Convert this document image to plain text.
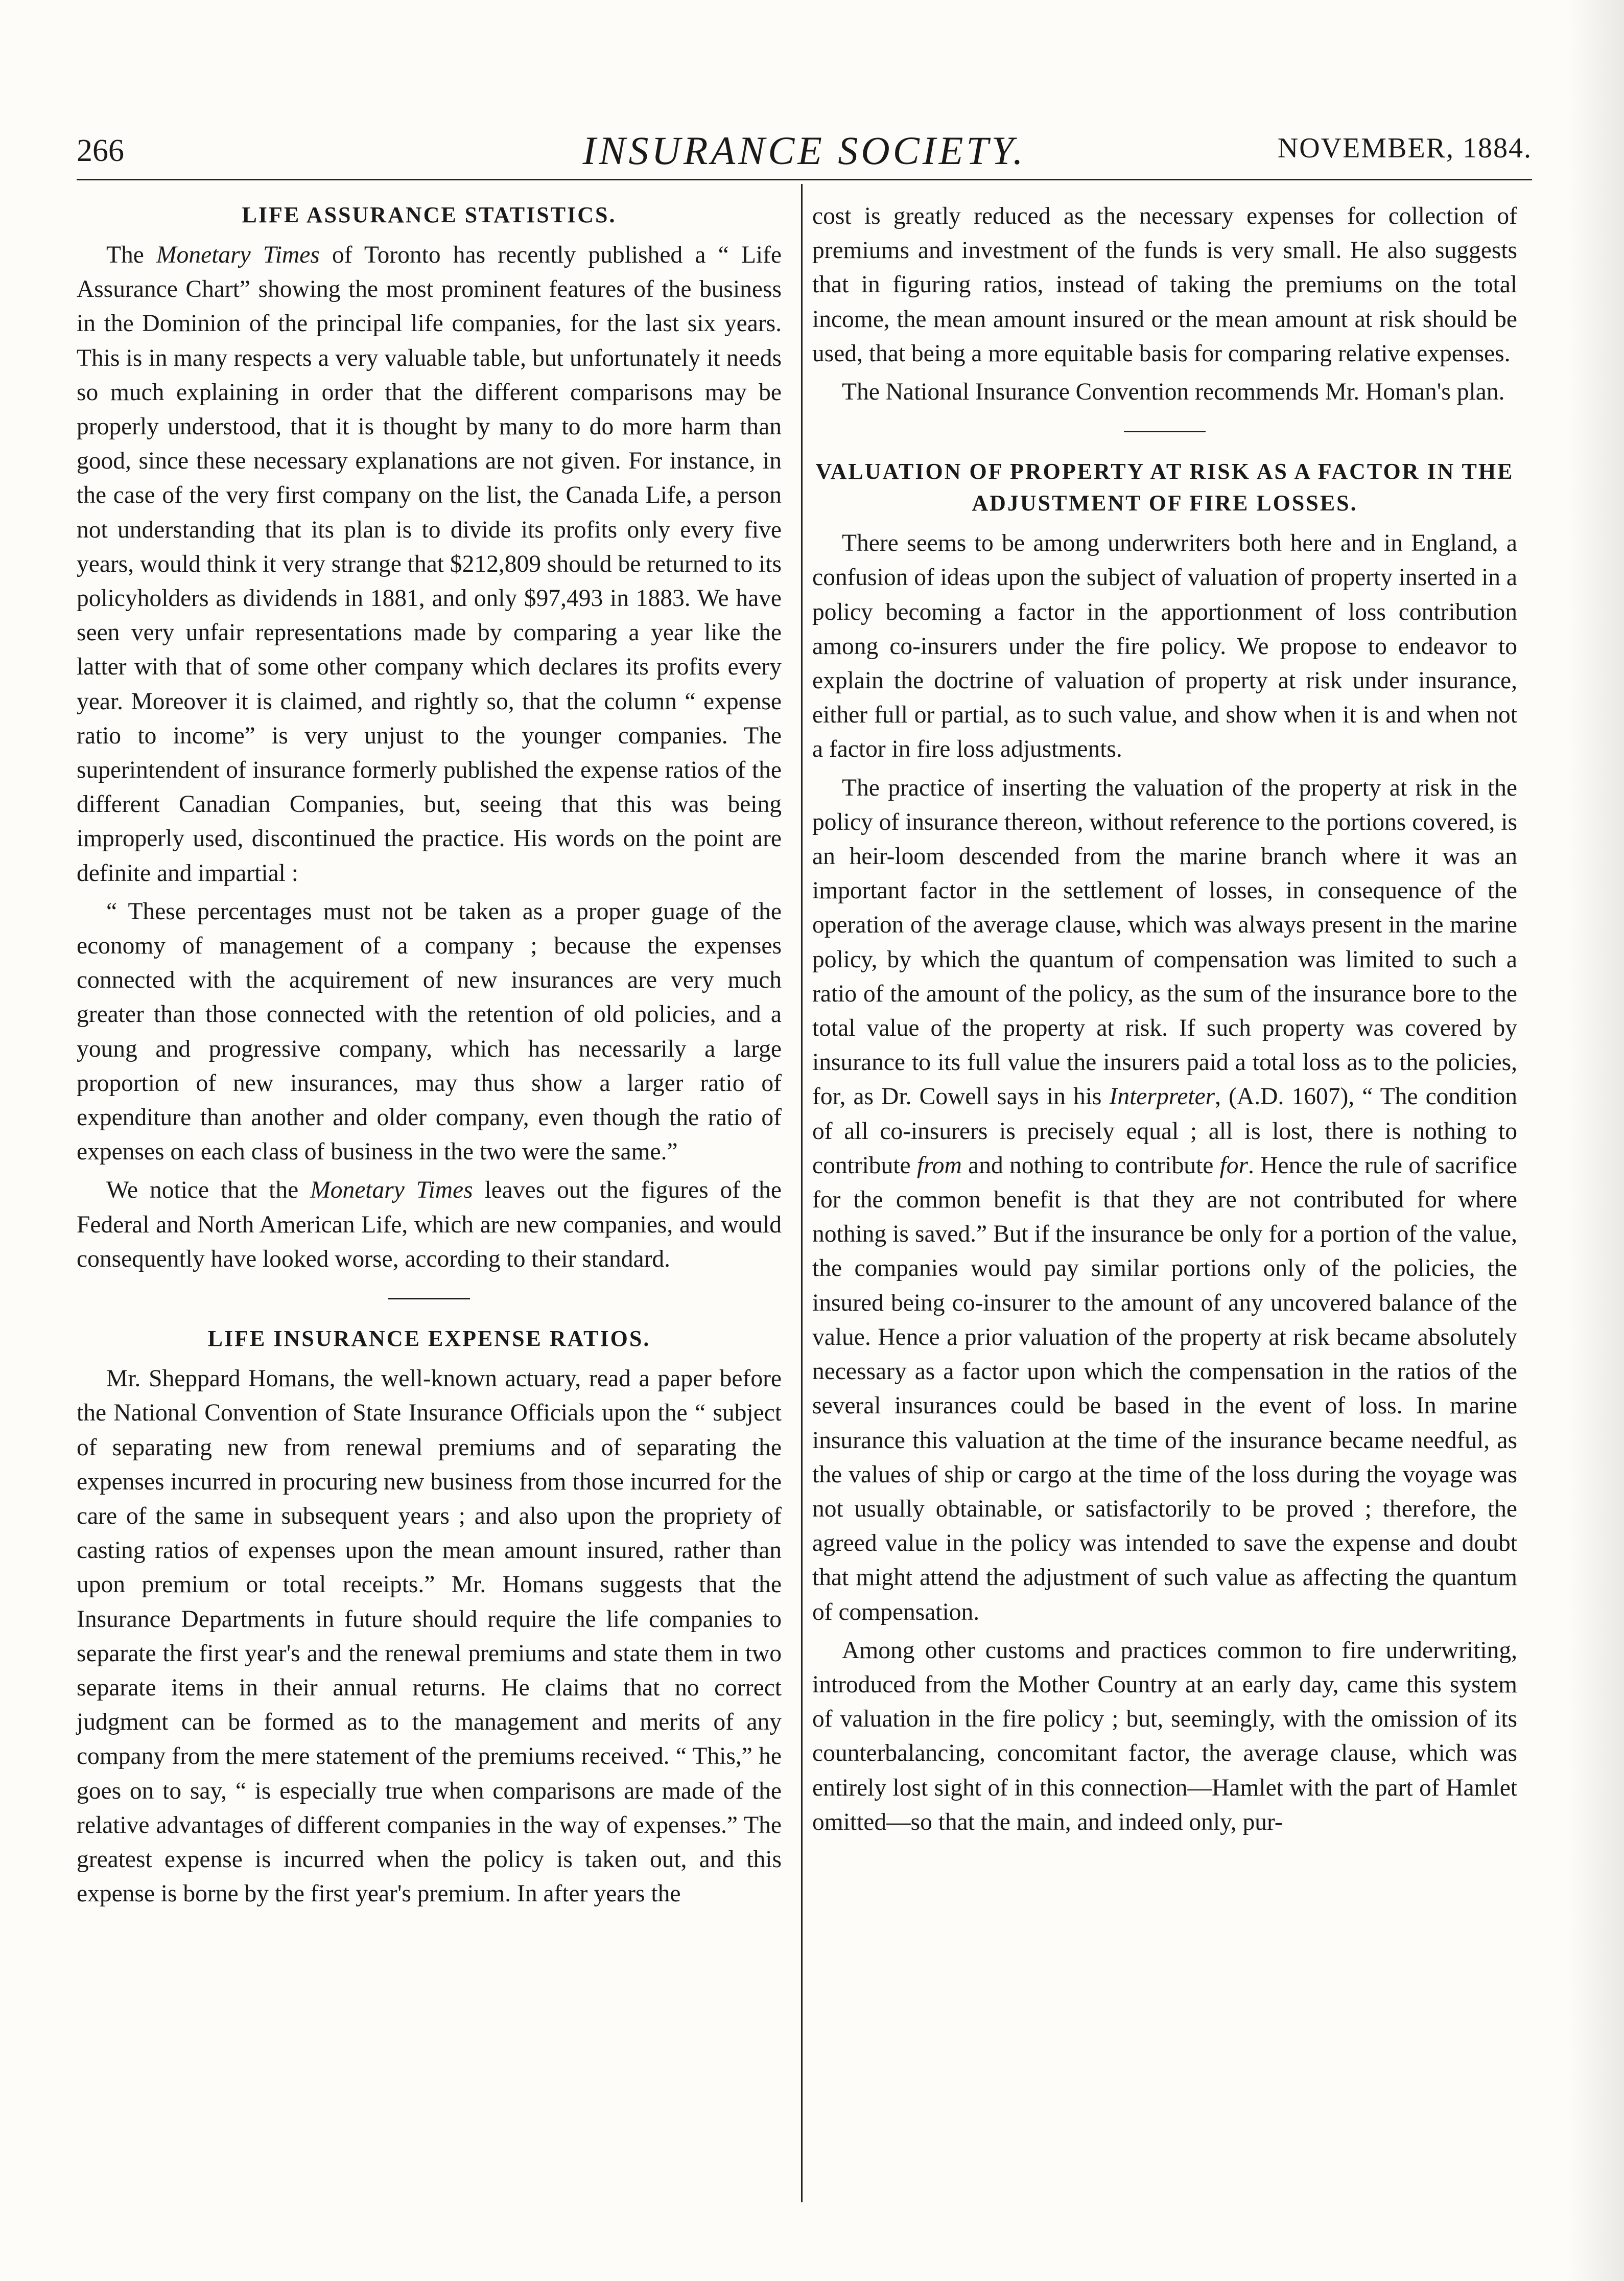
266	INSURANCE SOCIETY.	NOVEMBER, 1884.
LIFE ASSURANCE STATISTICS.

The Monetary Times of Toronto has recently published a “ Life Assurance Chart” showing the most prominent features of the business in the Dominion of the principal life companies, for the last six years. This is in many respects a very valuable table, but unfortunately it needs so much explaining in order that the different comparisons may be properly understood, that it is thought by many to do more harm than good, since these necessary explanations are not given. For instance, in the case of the very first company on the list, the Canada Life, a person not understanding that its plan is to divide its profits only every five years, would think it very strange that $212,809 should be returned to its policyholders as dividends in 1881, and only $97,493 in 1883. We have seen very unfair representations made by comparing a year like the latter with that of some other company which declares its profits every year. Moreover it is claimed, and rightly so, that the column “ expense ratio to income” is very unjust to the younger companies. The superintendent of insurance formerly published the expense ratios of the different Canadian Companies, but, seeing that this was being improperly used, discontinued the practice. His words on the point are definite and impartial :

“ These percentages must not be taken as a proper guage of the economy of management of a company ; because the expenses connected with the acquirement of new insurances are very much greater than those connected with the retention of old policies, and a young and progressive company, which has necessarily a large proportion of new insurances, may thus show a larger ratio of expenditure than another and older company, even though the ratio of expenses on each class of business in the two were the same.”

We notice that the Monetary Times leaves out the figures of the Federal and North American Life, which are new companies, and would consequently have looked worse, according to their standard.

LIFE INSURANCE EXPENSE RATIOS.

Mr. Sheppard Homans, the well-known actuary, read a paper before the National Convention of State Insurance Officials upon the “ subject of separating new from renewal premiums and of separating the expenses incurred in procuring new business from those incurred for the care of the same in subsequent years ; and also upon the propriety of casting ratios of expenses upon the mean amount insured, rather than upon premium or total receipts.” Mr. Homans suggests that the Insurance Departments in future should require the life companies to separate the first year's and the renewal premiums and state them in two separate items in their annual returns. He claims that no correct judgment can be formed as to the management and merits of any company from the mere statement of the premiums received. “ This,” he goes on to say, “ is especially true when comparisons are made of the relative advantages of different companies in the way of expenses.” The greatest expense is incurred when the policy is taken out, and this expense is borne by the first year's premium. In after years the

cost is greatly reduced as the necessary expenses for collection of premiums and investment of the funds is very small. He also suggests that in figuring ratios, instead of taking the premiums on the total income, the mean amount insured or the mean amount at risk should be used, that being a more equitable basis for comparing relative expenses.

The National Insurance Convention recommends Mr. Homan's plan.

VALUATION OF PROPERTY AT RISK AS A FACTOR IN THE ADJUSTMENT OF FIRE LOSSES.

There seems to be among underwriters both here and in England, a confusion of ideas upon the subject of valuation of property inserted in a policy becoming a factor in the apportionment of loss contribution among co-insurers under the fire policy. We propose to endeavor to explain the doctrine of valuation of property at risk under insurance, either full or partial, as to such value, and show when it is and when not a factor in fire loss adjustments.

The practice of inserting the valuation of the property at risk in the policy of insurance thereon, without reference to the portions covered, is an heir-loom descended from the marine branch where it was an important factor in the settlement of losses, in consequence of the operation of the average clause, which was always present in the marine policy, by which the quantum of compensation was limited to such a ratio of the amount of the policy, as the sum of the insurance bore to the total value of the property at risk. If such property was covered by insurance to its full value the insurers paid a total loss as to the policies, for, as Dr. Cowell says in his Interpreter, (A.D. 1607), “ The condition of all co-insurers is precisely equal ; all is lost, there is nothing to contribute from and nothing to contribute for. Hence the rule of sacrifice for the common benefit is that they are not contributed for where nothing is saved.” But if the insurance be only for a portion of the value, the companies would pay similar portions only of the policies, the insured being co-insurer to the amount of any uncovered balance of the value. Hence a prior valuation of the property at risk became absolutely necessary as a factor upon which the compensation in the ratios of the several insurances could be based in the event of loss. In marine insurance this valuation at the time of the insurance became needful, as the values of ship or cargo at the time of the loss during the voyage was not usually obtainable, or satisfactorily to be proved ; therefore, the agreed value in the policy was intended to save the expense and doubt that might attend the adjustment of such value as affecting the quantum of compensation.

Among other customs and practices common to fire underwriting, introduced from the Mother Country at an early day, came this system of valuation in the fire policy ; but, seemingly, with the omission of its counterbalancing, concomitant factor, the average clause, which was entirely lost sight of in this connection—Hamlet with the part of Hamlet omitted—so that the main, and indeed only, pur-
